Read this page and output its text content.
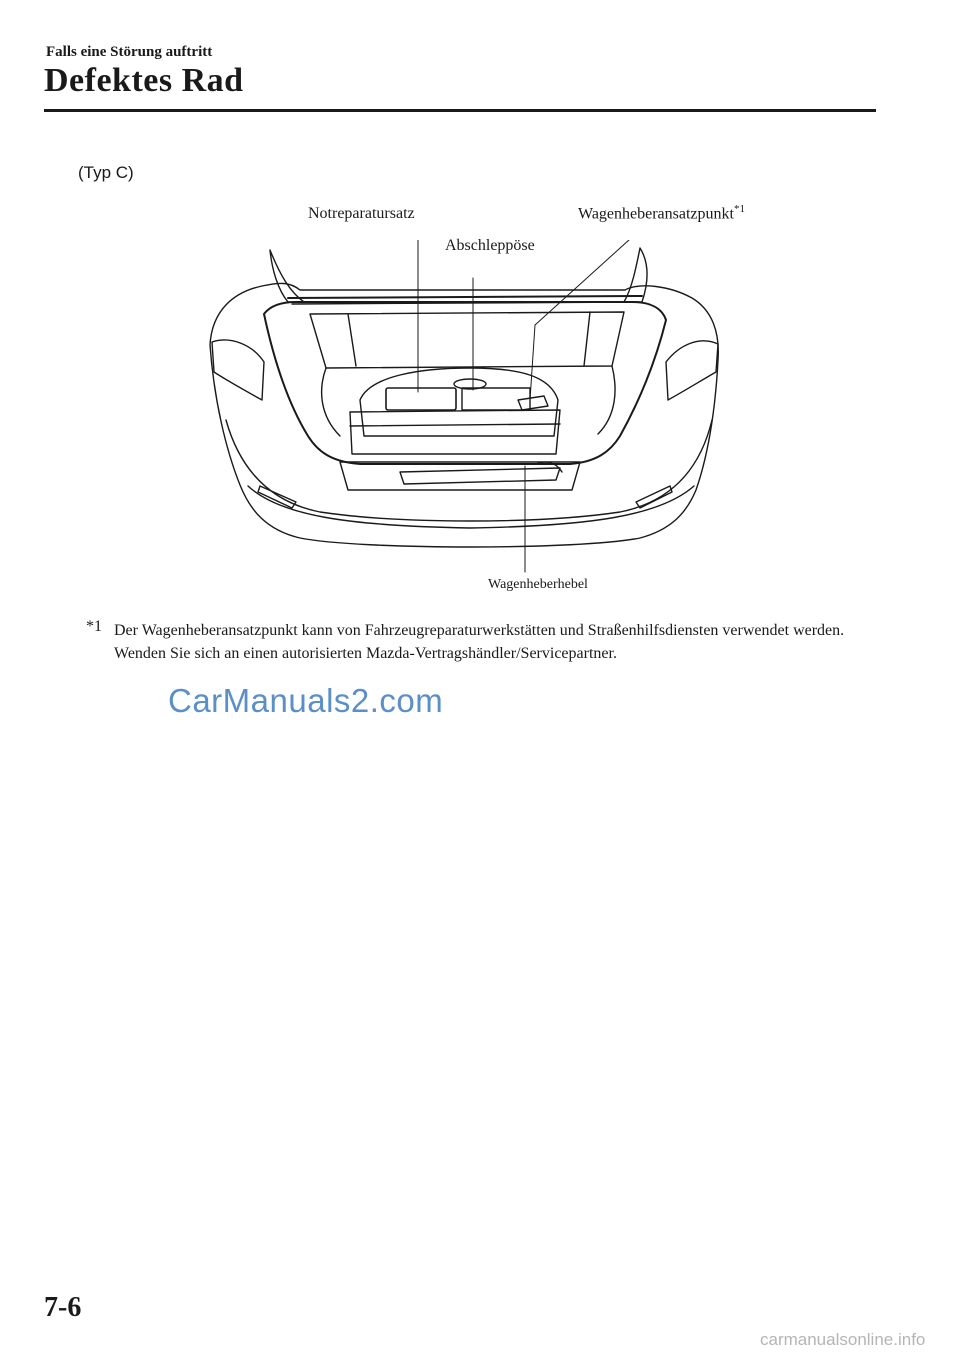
Falls eine Störung auftritt
Defektes Rad
(Typ C)
Notreparatursatz
Abschleppöse
Wagenheberansatzpunkt$^{*1}$
Wagenheberhebel
*1 Der Wagenheberansatzpunkt kann von Fahrzeugreparaturwerkstätten und Straßenhilfsdiensten verwendet werden. Wenden Sie sich an einen autorisierten Mazda-Vertragshändler/Servicepartner.
CarManuals2.com
7-6
carmanualsonline.info
